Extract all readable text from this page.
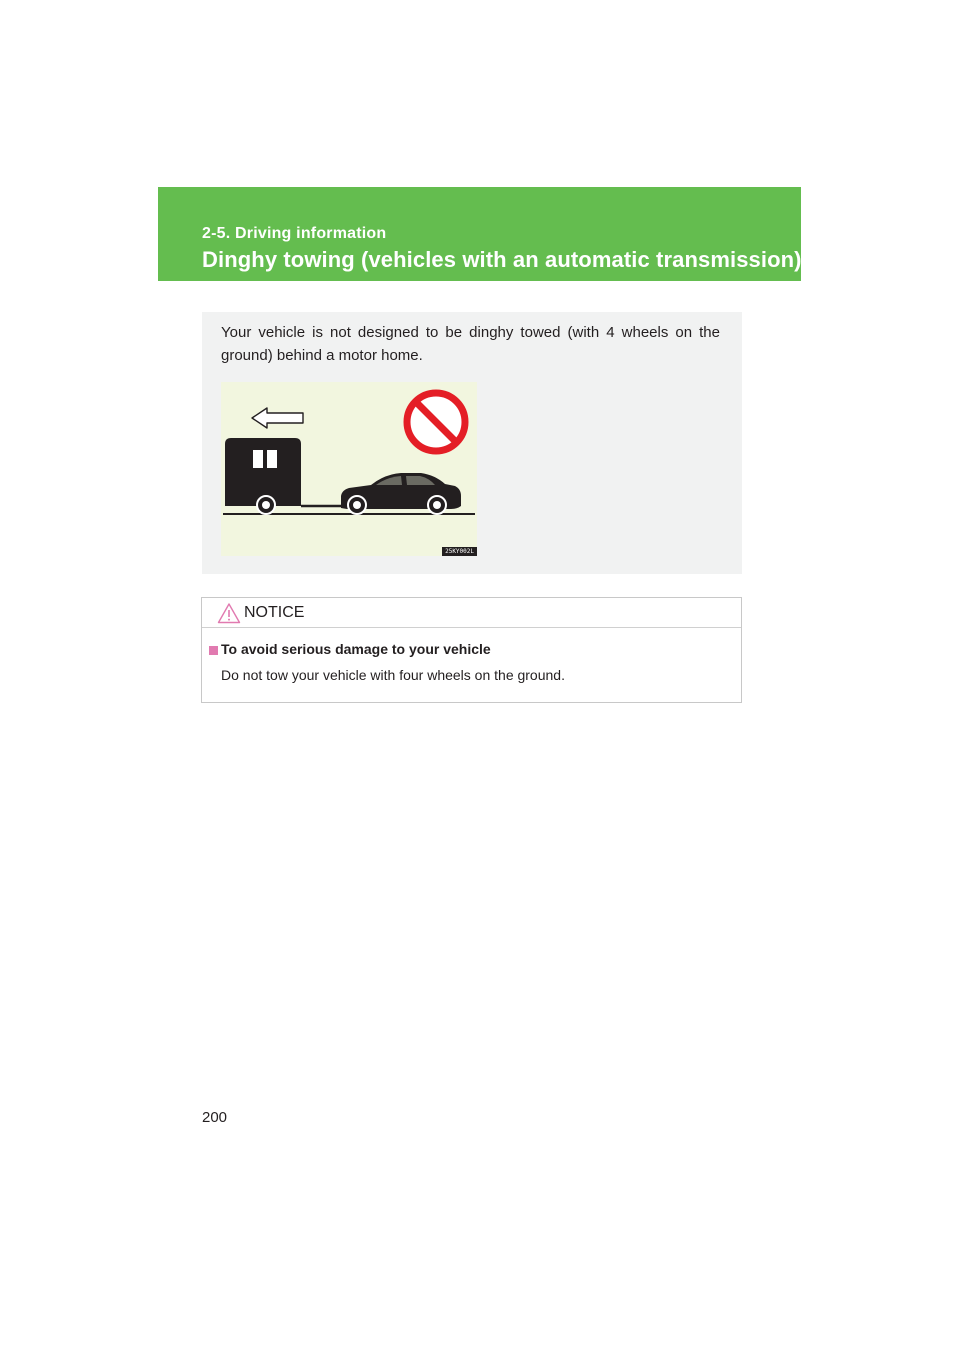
2-5. Driving information
Dinghy towing (vehicles with an automatic transmission)
Your vehicle is not designed to be dinghy towed (with 4 wheels on the ground) behind a motor home.
25KY002L
NOTICE
To avoid serious damage to your vehicle
Do not tow your vehicle with four wheels on the ground.
200
